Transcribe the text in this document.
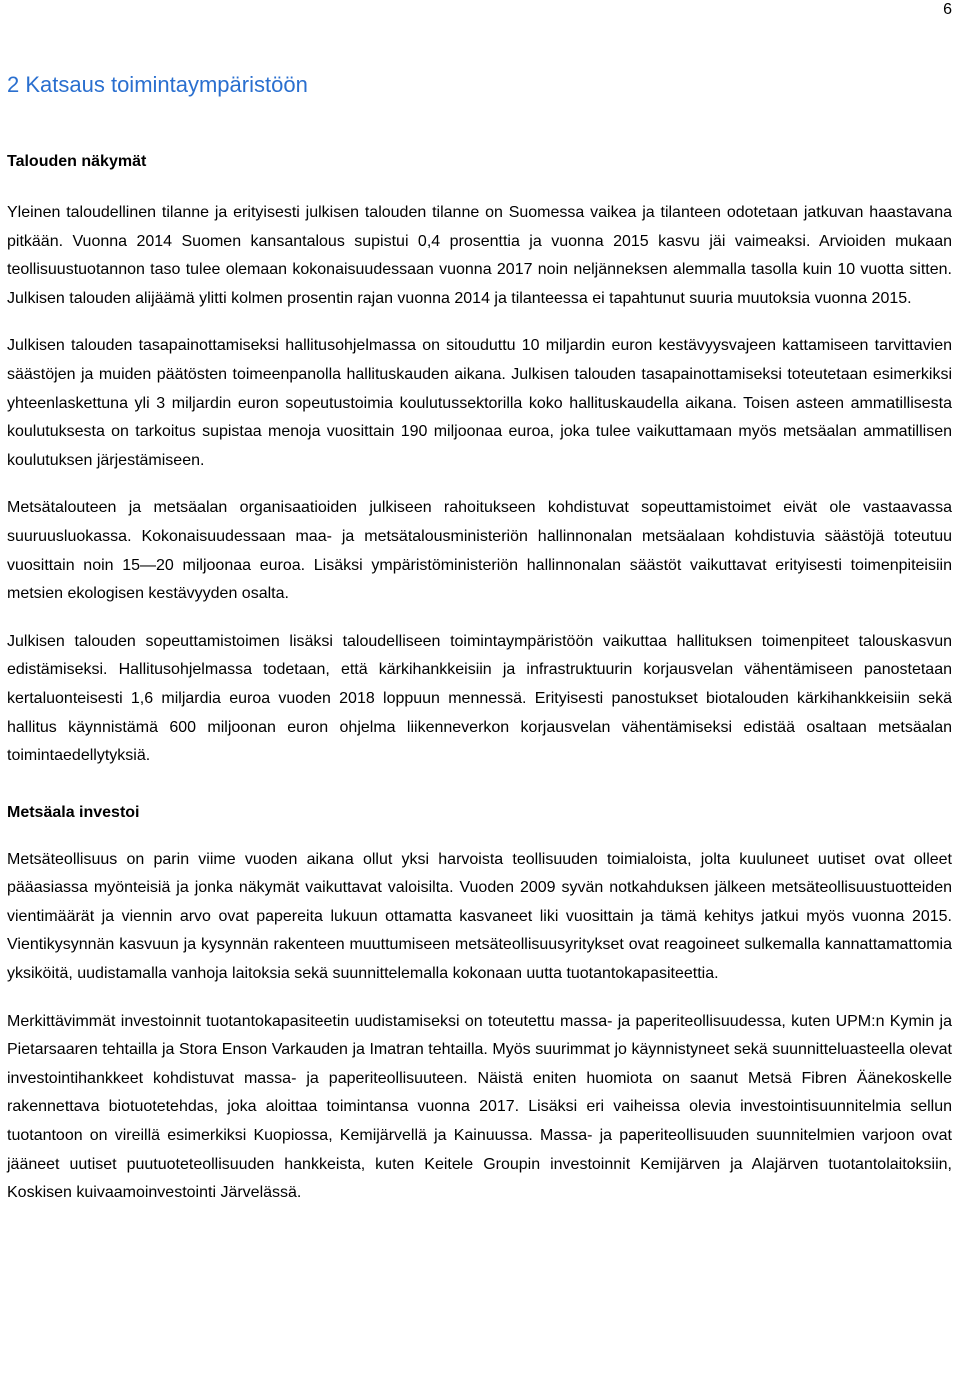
6
2 Katsaus toimintaympäristöön
Talouden näkymät

Yleinen taloudellinen tilanne ja erityisesti julkisen talouden tilanne on Suomessa vaikea ja tilanteen odotetaan jatkuvan haastavana pitkään. Vuonna 2014 Suomen kansantalous supistui 0,4 prosenttia ja vuonna 2015 kasvu jäi vaimeaksi. Arvioiden mukaan teollisuustuotannon taso tulee olemaan kokonaisuudessaan vuonna 2017 noin neljänneksen alemmalla tasolla kuin 10 vuotta sitten. Julkisen talouden alijäämä ylitti kolmen prosentin rajan vuonna 2014 ja tilanteessa ei tapahtunut suuria muutoksia vuonna 2015.

Julkisen talouden tasapainottamiseksi hallitusohjelmassa on sitouduttu 10 miljardin euron kestävyysvajeen kattamiseen tarvittavien säästöjen ja muiden päätösten toimeenpanolla hallituskauden aikana. Julkisen talouden tasapainottamiseksi toteutetaan esimerkiksi yhteenlaskettuna yli 3 miljardin euron sopeutustoimia koulutussektorilla koko hallituskaudella aikana. Toisen asteen ammatillisesta koulutuksesta on tarkoitus supistaa menoja vuosittain 190 miljoonaa euroa, joka tulee vaikuttamaan myös metsäalan ammatillisen koulutuksen järjestämiseen.

Metsätalouteen ja metsäalan organisaatioiden julkiseen rahoitukseen kohdistuvat sopeuttamistoimet eivät ole vastaavassa suuruusluokassa. Kokonaisuudessaan maa- ja metsätalousministeriön hallinnonalan metsäalaan kohdistuvia säästöjä toteutuu vuosittain noin 15—20 miljoonaa euroa. Lisäksi ympäristöministeriön hallinnonalan säästöt vaikuttavat erityisesti toimenpiteisiin metsien ekologisen kestävyyden osalta.

Julkisen talouden sopeuttamistoimen lisäksi taloudelliseen toimintaympäristöön vaikuttaa hallituksen toimenpiteet talouskasvun edistämiseksi. Hallitusohjelmassa todetaan, että kärkihankkeisiin ja infrastruktuurin korjausvelan vähentämiseen panostetaan kertaluonteisesti 1,6 miljardia euroa vuoden 2018 loppuun mennessä. Erityisesti panostukset biotalouden kärkihankkeisiin sekä hallitus käynnistämä 600 miljoonan euron ohjelma liikenneverkon korjausvelan vähentämiseksi edistää osaltaan metsäalan toimintaedellytyksiä.

Metsäala investoi

Metsäteollisuus on parin viime vuoden aikana ollut yksi harvoista teollisuuden toimialoista, jolta kuuluneet uutiset ovat olleet pääasiassa myönteisiä ja jonka näkymät vaikuttavat valoisilta. Vuoden 2009 syvän notkahduksen jälkeen metsäteollisuustuotteiden vientimäärät ja viennin arvo ovat papereita lukuun ottamatta kasvaneet liki vuosittain ja tämä kehitys jatkui myös vuonna 2015. Vientikysynnän kasvuun ja kysynnän rakenteen muuttumiseen metsäteollisuusyritykset ovat reagoineet sulkemalla kannattamattomia yksiköitä, uudistamalla vanhoja laitoksia sekä suunnittelemalla kokonaan uutta tuotantokapasiteettia.

Merkittävimmät investoinnit tuotantokapasiteetin uudistamiseksi on toteutettu massa- ja paperiteollisuudessa, kuten UPM:n Kymin ja Pietarsaaren tehtailla ja Stora Enson Varkauden ja Imatran tehtailla. Myös suurimmat jo käynnistyneet sekä suunnitteluasteella olevat investointihankkeet kohdistuvat massa- ja paperiteollisuuteen. Näistä eniten huomiota on saanut Metsä Fibren Äänekoskelle rakennettava biotuotetehdas, joka aloittaa toimintansa vuonna 2017. Lisäksi eri vaiheissa olevia investointisuunnitelmia sellun tuotantoon on vireillä esimerkiksi Kuopiossa, Kemijärvellä ja Kainuussa. Massa- ja paperiteollisuuden suunnitelmien varjoon ovat jääneet uutiset puutuoteteollisuuden hankkeista, kuten Keitele Groupin investoinnit Kemijärven ja Alajärven tuotantolaitoksiin, Koskisen kuivaamoinvestointi Järvelässä.
